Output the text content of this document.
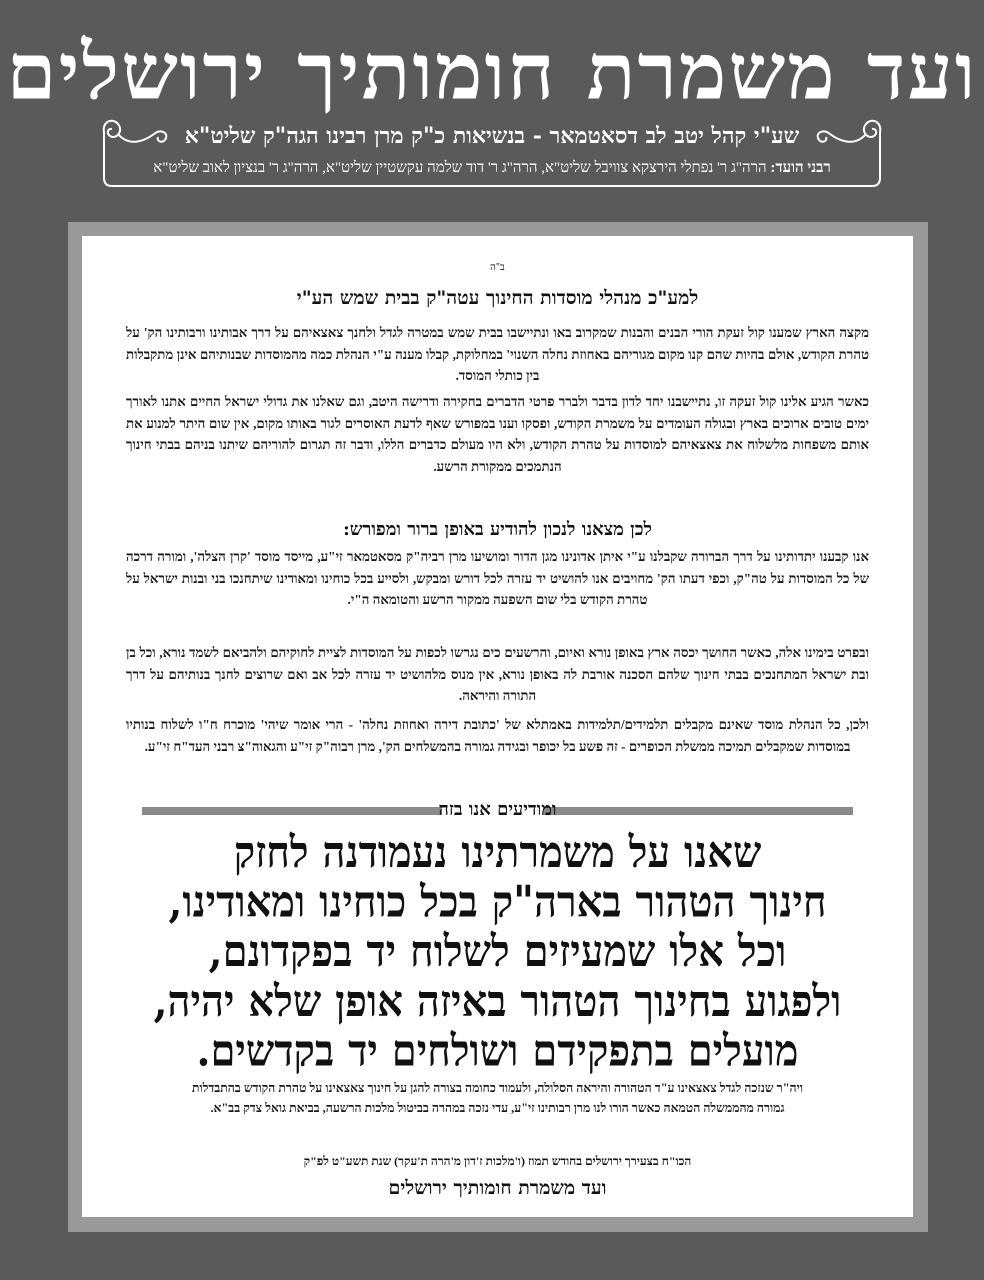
ועד משמרת חומותיך ירושלים
שע"י קהל יטב לב דסאטמאר - בנשיאות כ"ק מרן רבינו הגה"ק שליט"א
רבני הועד: הרה"ג ר' נפתלי הירצקא צוויבל שליט"א, הרה"ג ר' דוד שלמה עקשטיין שליט"א, הרה"ג ר' בנציון לאוב שליט"א
ב"ה
למע"כ מנהלי מוסדות החינוך עטה"ק בבית שמש הע"י

מקצה הארץ שמענו קול זעקת הורי הבנים והבנות שמקרוב באו ונתיישבו בבית שמש במטרה לגדל ולחנך צאצאיהם על דרך אבותינו ורבותינו הק' על טהרת הקודש, אולם בהיות שהם קנו מקום מגוריהם באחוזת נחלה השנוי' במחלוקת, קבלו מענה ע"י הנהלת כמה מהמוסדות שבנותיהם אינן מתקבלות בין כותלי המוסד.

כאשר הגיע אלינו קול זעקה זו, נתיישבנו יחד לדון בדבר ולברר פרטי הדברים בחקירה ודרישה היטב, וגם שאלנו את גדולי ישראל החיים אתנו לאורך ימים טובים ארוכים בארץ ובגולה העומדים על משמרת הקודש, ופסקו וענו במפורש שאף לדעת האוסרים לגור באותו מקום, אין שום היתר למנוע את אותם משפחות מלשלוח את צאצאיהם למוסדות על טהרת הקודש, ולא היו מעולם כדברים הללו, ודבר זה תגרום להוריהם שיתנו בניהם בבתי חינוך הנתמכים ממקורת הרשע.

לכן מצאנו לנכון להודיע באופן ברור ומפורש:

אנו קבענו יתדותינו על דרך הברורה שקבלנו ע"י איתן אדונינו מגן הדור ומושיעו מרן רביה"ק מסאטמאר זי"ע, מייסד מוסד 'קרן הצלה', ומורה דרכה של כל המוסדות על טה"ק, וכפי דעתו הק' מחויבים אנו להושיט יד עזרה לכל דורש ומבקש, ולסייע בכל כוחינו ומאודינו שיתחנכו בני ובנות ישראל על טהרת הקודש בלי שום השפעה ממקור הרשע והטומאה ה"י.

ובפרט בימינו אלה, כאשר החושך יכסה ארץ באופן נורא ואיום, והרשעים כים נגרשו לכפות על המוסדות לציית לחוקיהם ולהביאם לשמד נורא, וכל בן ובת ישראל המתחנכים בבתי חינוך שלהם הסכנה אורבת לה באופן נורא, אין מנוס מלהושיט יד עזרה לכל אב ואם שרוצים לחנך בנותיהם על דרך התורה והיראה.

ולכן, כל הנהלת מוסד שאינם מקבלים תלמידים/תלמידות באמתלא של 'כתובת דירה ואחוזת נחלה' - הרי אומר שיהי' מוכרח ח"ו לשלוח בנותיו במוסדות שמקבלים תמיכה ממשלת הכופרים - זה פשע בל יכופר ובגידה גמורה בהמשלחים הק', מרן רבוה"ק זי"ע והגאוה"צ רבני העד"ח זי"ע.

ומודיעים אנו בזה
שאנו על משמרתינו נעמודנה לחזק
חינוך הטהור בארה"ק בכל כוחינו ומאודינו,
וכל אלו שמעיזים לשלוח יד בפקדונם,
ולפגוע בחינוך הטהור באיזה אופן שלא יהיה,
מועלים בתפקידם ושולחים יד בקדשים.

ויה"ר שנזכה לגדל צאצאינו ע"ד הטהורה והיראה הסלולה, ולעמוד כחומה בצורה להגן על חינוך צאצאינו על טהרת הקודש בהתבדלות גמורה מהממשלה הטמאה כאשר הורו לנו מרן רבותינו זי"ע, עדי נזכה במהרה בביטול מלכות הרשעה, בביאת גואל צדק בב"א.

הכו"ח בצעירך ירושלים בחודש תמוז (ו'מלכות ז'דון מ'הרה ת'עקר) שנת תשע"ט לפ"ק
ועד משמרת חומותיך ירושלים
